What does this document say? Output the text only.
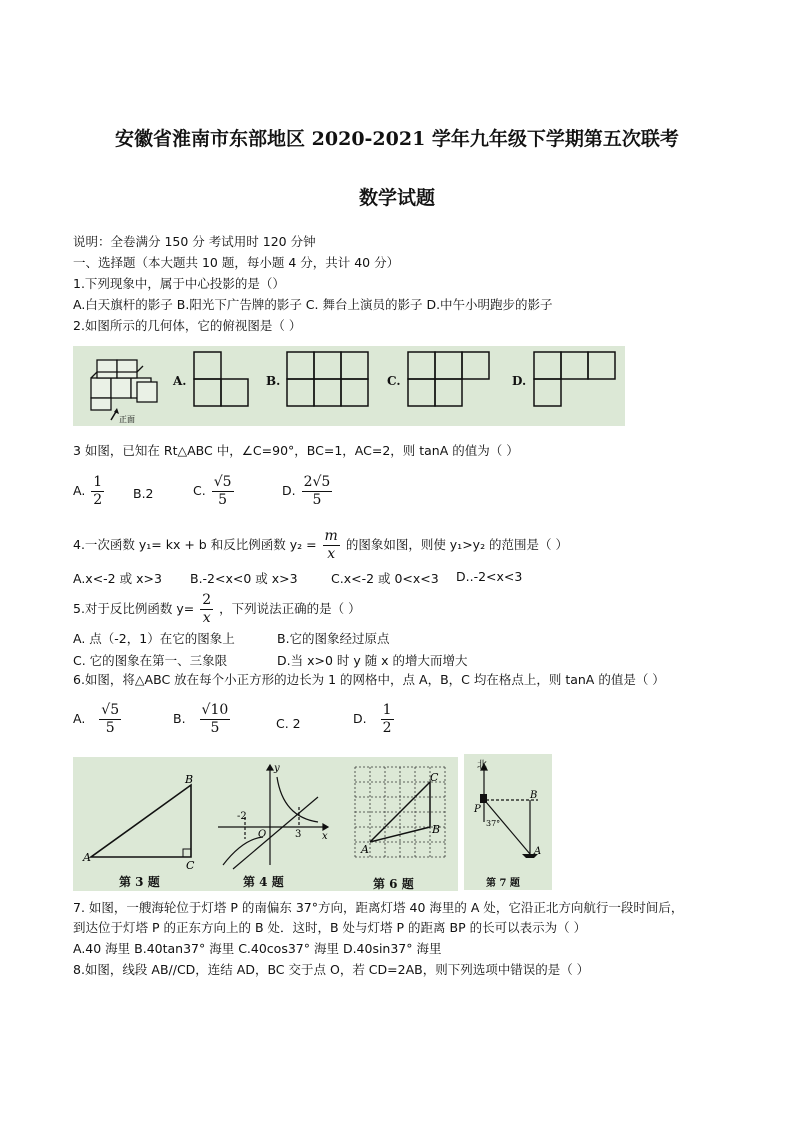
安徽省淮南市东部地区 2020-2021 学年九年级下学期第五次联考
数学试题
说明：全卷满分 150 分 考试用时 120 分钟
一、选择题（本大题共 10 题，每小题 4 分，共计 40 分）
1.下列现象中，属于中心投影的是（）
A.白天旗杆的影子 B.阳光下广告牌的影子 C. 舞台上演员的影子 D.中午小明跑步的影子
2.如图所示的几何体，它的俯视图是（ ）
正面
A.	B.	C.	D.
3 如图，已知在 Rt△ABC 中，∠C=90°，BC=1，AC=2，则 tanA 的值为（ ）
A. $\frac{1}{2} B.2$	C. $\frac{√5}{5}$	D. $\frac{2√5}{5}$
4.一次函数 y₁= kx + b 和反比例函数 $y_2 = \frac{m}{x}$ 的图象如图，则使 y₁>y₂ 的范围是（ ）
A.x<-2 或 x>3 B.-2<x<0 或 x>3	C.x<-2 或 0<x<3 D..-2<x<3
5.对于反比例函数 $y= \frac{2}{x}$ ，下列说法正确的是（ ）
A. 点（-2，1）在它的图象上	B.它的图象经过原点
C. 它的图象在第一、三象限	D.当 x>0 时 y 随 x 的增大而增大
6.如图，将△ABC 放在每个小正方形的边长为 1 的网格中，点 A，B，C 均在格点上，则 tanA 的值是（ ）
A. $\frac{√5}{5}$	B. $\frac{√10}{5}$	C. 2	D. $\frac{1}{2}$
A
B
C
y
x
O
-2
3
A
B
C
第 3 题	第 4 题	第 6 题
北
P
B
A
37°
第 7 题
7. 如图，一艘海轮位于灯塔 P 的南偏东 37°方向，距离灯塔 40 海里的 A 处，它沿正北方向航行一段时间后，
到达位于灯塔 P 的正东方向上的 B 处．这时，B 处与灯塔 P 的距离 BP 的长可以表示为（ ）
A.40 海里 B.40tan37° 海里 C.40cos37° 海里 D.40sin37° 海里
8.如图，线段 AB//CD，连结 AD，BC 交于点 O，若 CD=2AB，则下列选项中错误的是（ ）
